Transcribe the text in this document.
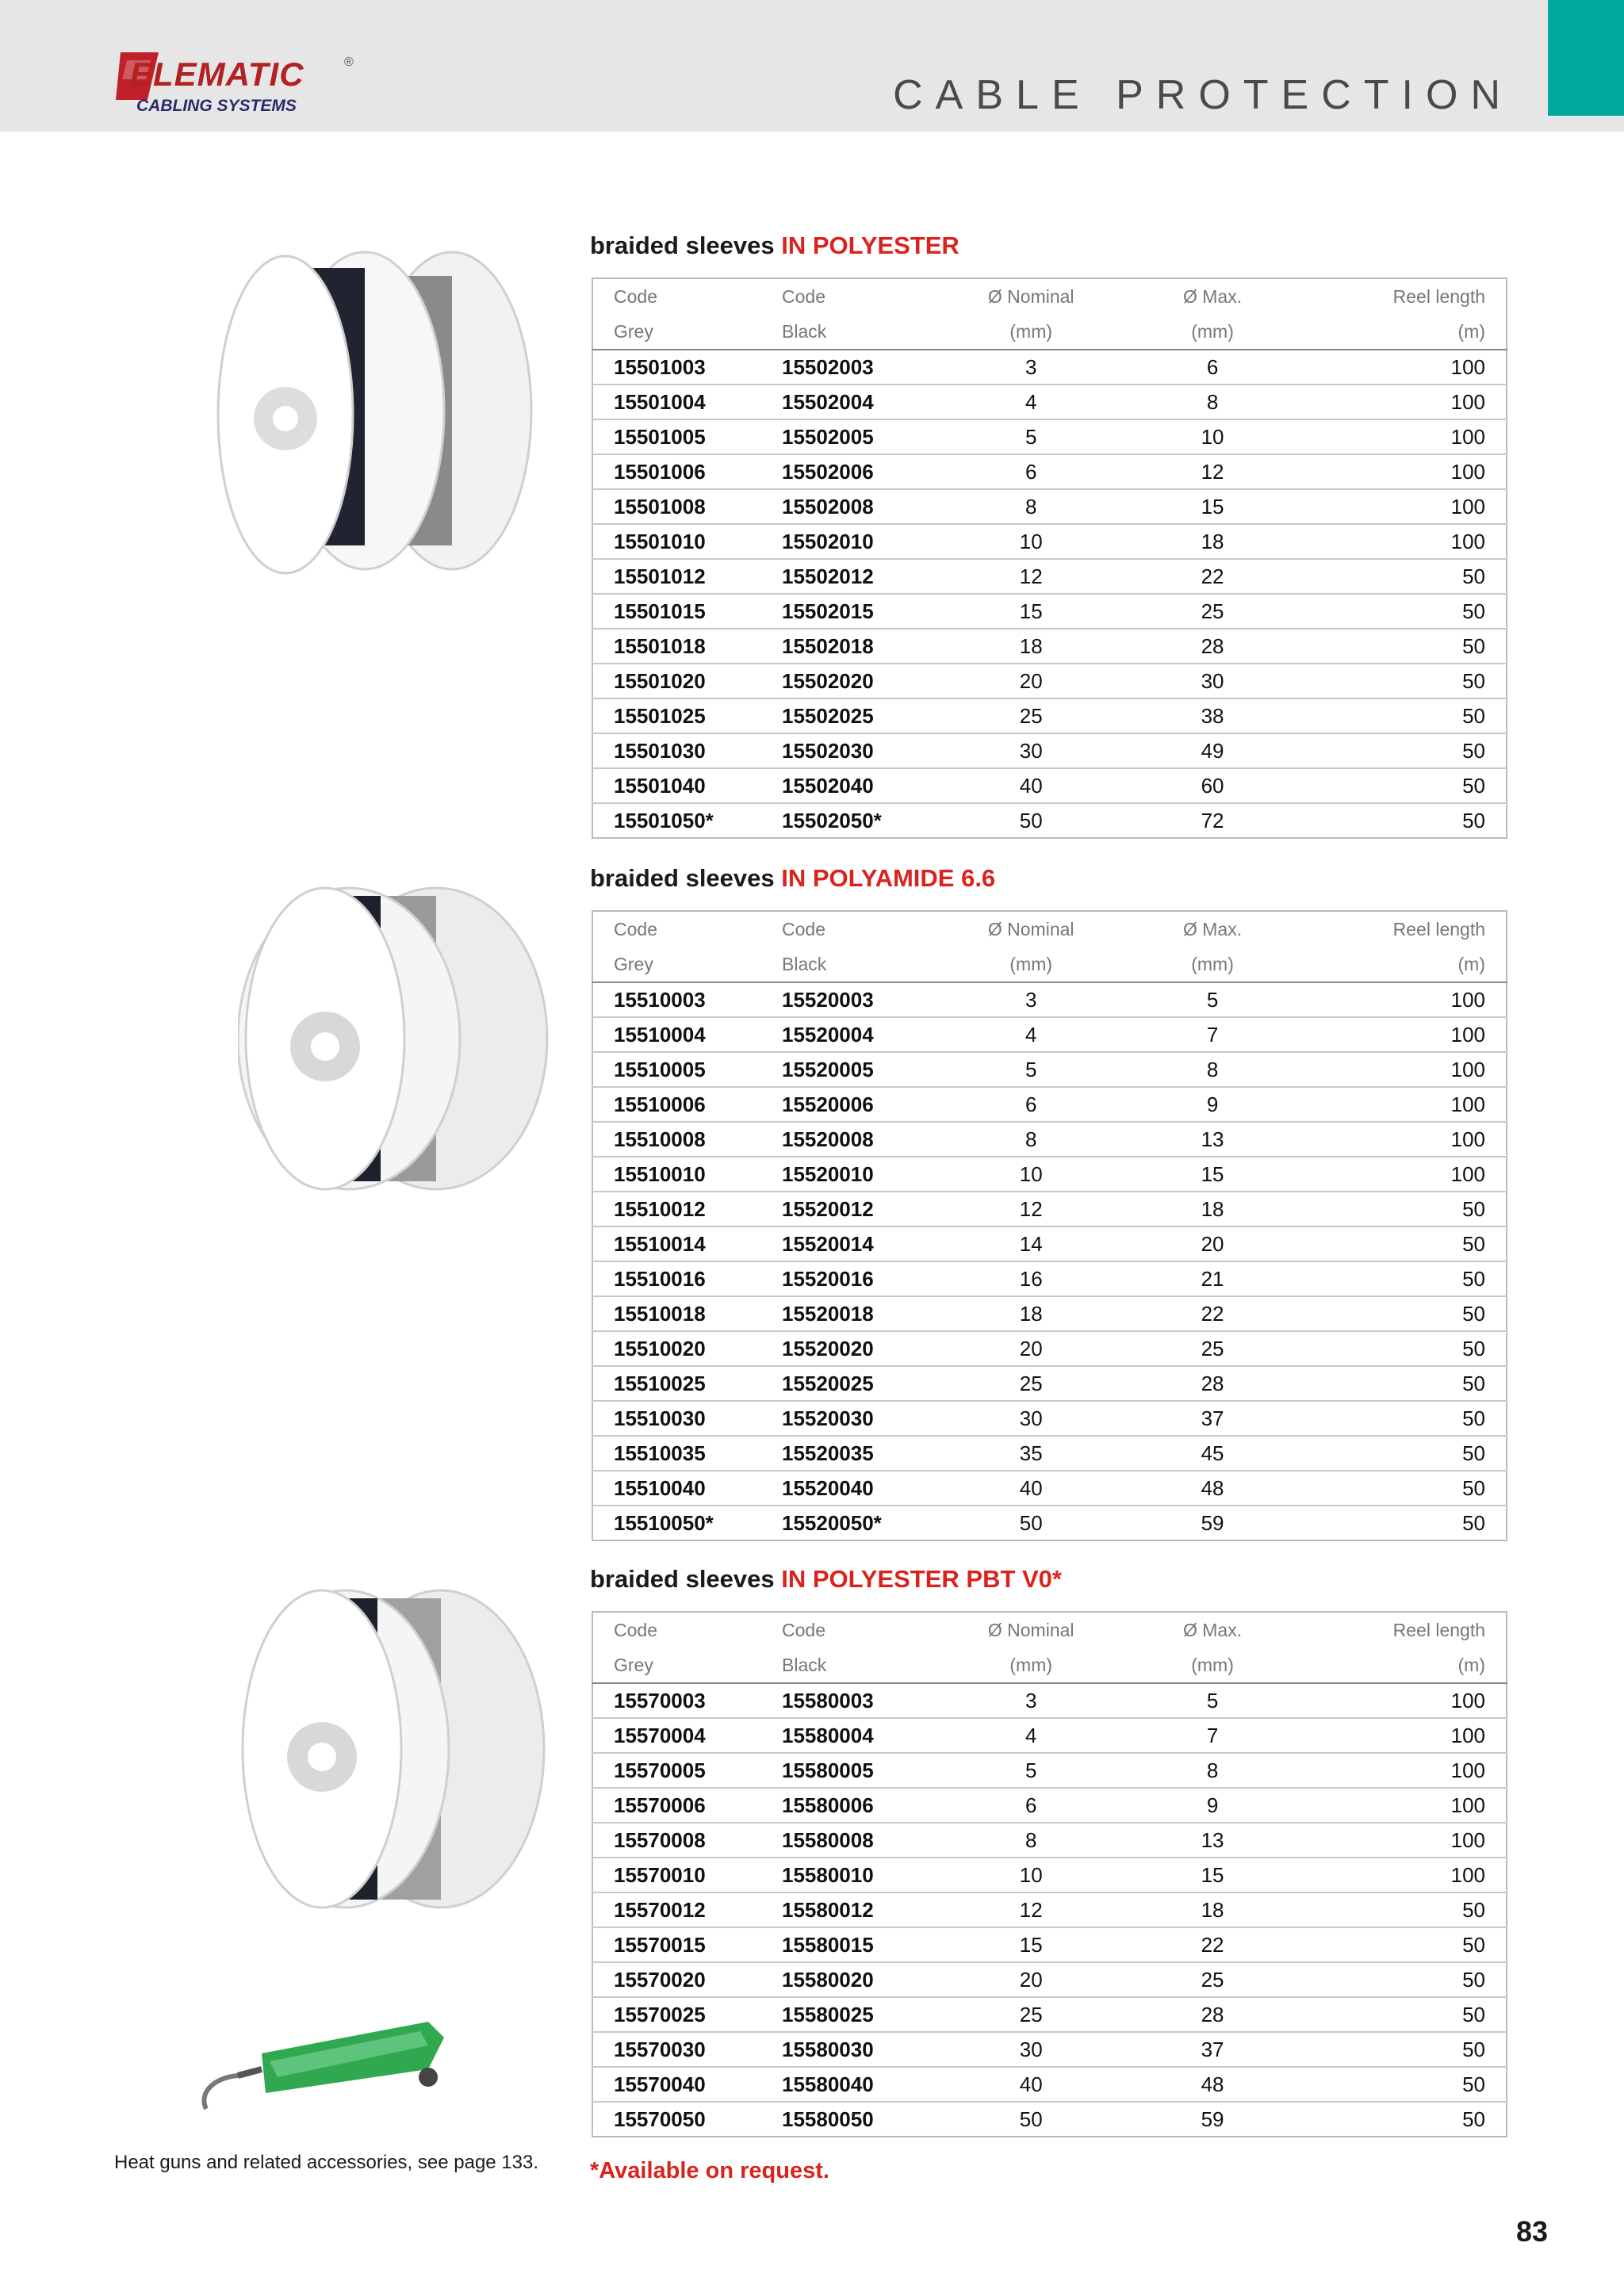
ELEMATIC	®
CABLING SYSTEMS	CABLE PROTECTION
braided sleeves IN POLYESTER
Code	Code	Ø Nominal	Ø Max.	Reel length
Grey	Black	(mm)	(mm)	(m)
15501003	15502003	3	6	100
15501004	15502004	4	8	100
15501005	15502005	5	10	100
15501006	15502006	6	12	100
15501008	15502008	8	15	100
15501010	15502010	10	18	100
15501012	15502012	12	22	50
15501015	15502015	15	25	50
15501018	15502018	18	28	50
15501020	15502020	20	30	50
15501025	15502025	25	38	50
15501030	15502030	30	49	50
15501040	15502040	40	60	50
15501050*	15502050*	50	72	50
braided sleeves IN POLYAMIDE 6.6
Code	Code	Ø Nominal	Ø Max.	Reel length
Grey	Black	(mm)	(mm)	(m)
15510003	15520003	3	5	100
15510004	15520004	4	7	100
15510005	15520005	5	8	100
15510006	15520006	6	9	100
15510008	15520008	8	13	100
15510010	15520010	10	15	100
15510012	15520012	12	18	50
15510014	15520014	14	20	50
15510016	15520016	16	21	50
15510018	15520018	18	22	50
15510020	15520020	20	25	50
15510025	15520025	25	28	50
15510030	15520030	30	37	50
15510035	15520035	35	45	50
15510040	15520040	40	48	50
15510050*	15520050*	50	59	50
braided sleeves IN POLYESTER PBT V0*
Code	Code	Ø Nominal	Ø Max.	Reel length
Grey	Black	(mm)	(mm)	(m)
15570003	15580003	3	5	100
15570004	15580004	4	7	100
15570005	15580005	5	8	100
15570006	15580006	6	9	100
15570008	15580008	8	13	100
15570010	15580010	10	15	100
15570012	15580012	12	18	50
15570015	15580015	15	22	50
15570020	15580020	20	25	50
15570025	15580025	25	28	50
15570030	15580030	30	37	50
15570040	15580040	40	48	50
15570050	15580050	50	59	50
Heat guns and related accessories, see page 133. *Available on request.
83
